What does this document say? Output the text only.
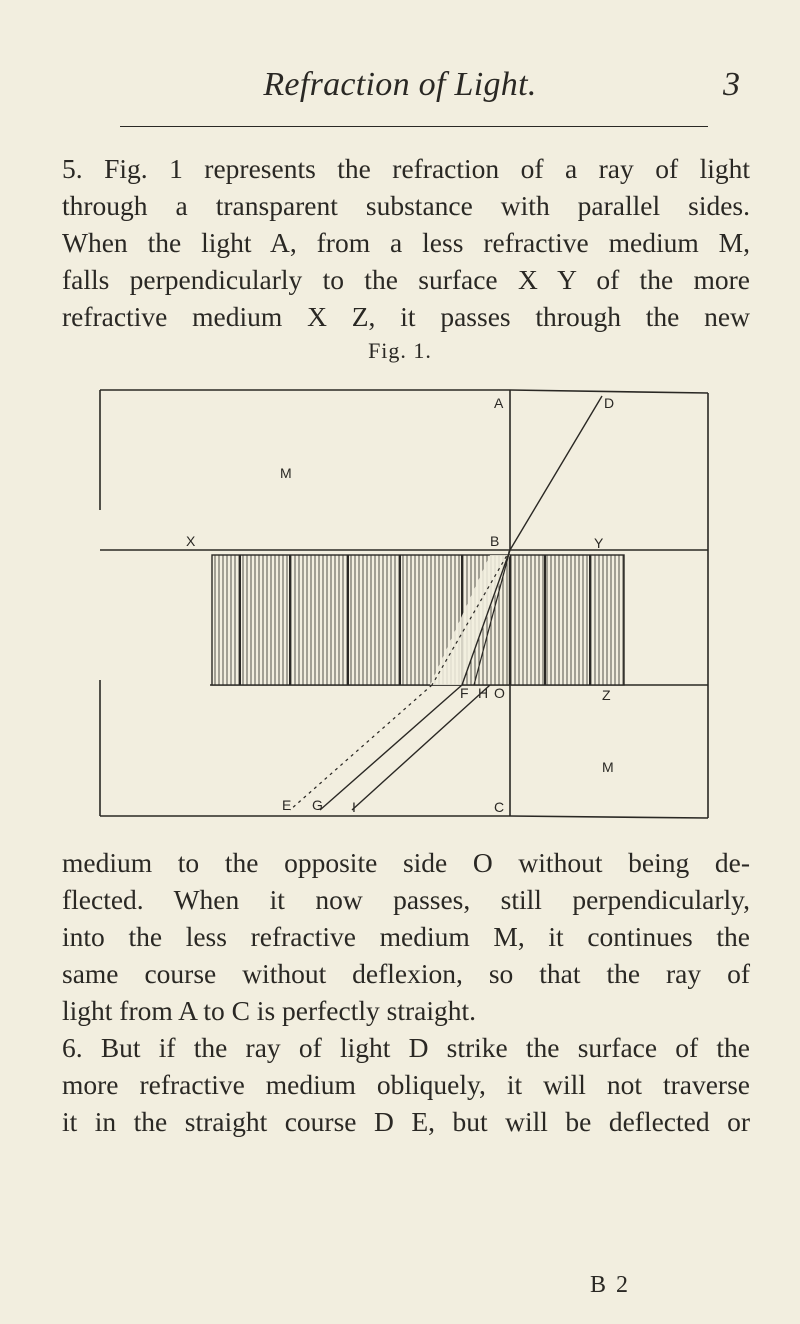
Refraction of Light.	3
5. Fig. 1 represents the refraction of a ray of light
through a transparent substance with parallel sides.
When the light A, from a less refractive medium M,
falls perpendicularly to the surface X Y of the more
refractive medium X Z, it passes through the new
Fig. 1.
A	D
M
X	B	Y
F H O	Z
M
E G I	C
medium to the opposite side O without being de-
flected. When it now passes, still perpendicularly,
into the less refractive medium M, it continues the
same course without deflexion, so that the ray of
light from A to C is perfectly straight.
6. But if the ray of light D strike the surface of the
more refractive medium obliquely, it will not traverse
it in the straight course D E, but will be deflected or
B 2
